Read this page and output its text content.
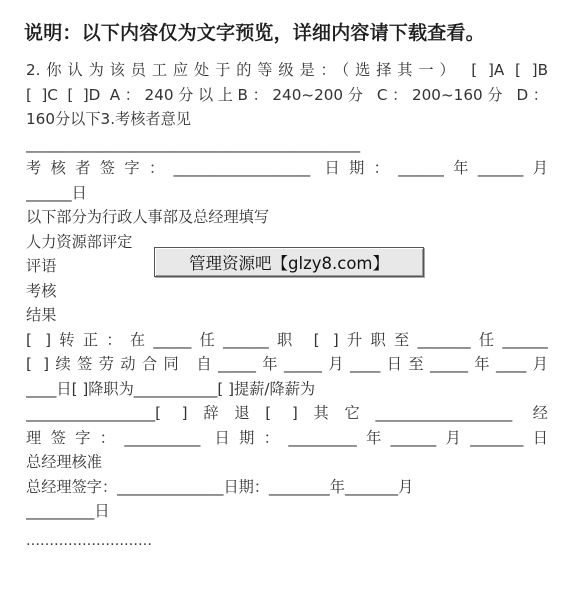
说明：以下内容仅为文字预览，详细内容请下载查看。
2.你认为该员工应处于的等级是：（选择其一） [ ]A [ ]B
[ ]C [ ]D A：240分以上B：240~200分 C：200~160分 D：
160分以下3.考核者意见
____________________________________________
考核者签字：__________________ 日期：______年______月
______日
以下部分为行政人事部及总经理填写
人力资源部评定
评语
考核
结果
[ ]转正：在_____任______职 [ ]升职至_______任______
[ ]续签劳动合同 自_____年_____月____日至_____年____月
____日[ ]降职为___________[ ]提薪/降薪为
_________________[ ]辞退[ ]其它__________________ 经
理签字：__________ 日期：_________年______月_______日
总经理核准
总经理签字：______________日期：________年_______月
_________日
………………………
管理资源吧【glzy8.com】
